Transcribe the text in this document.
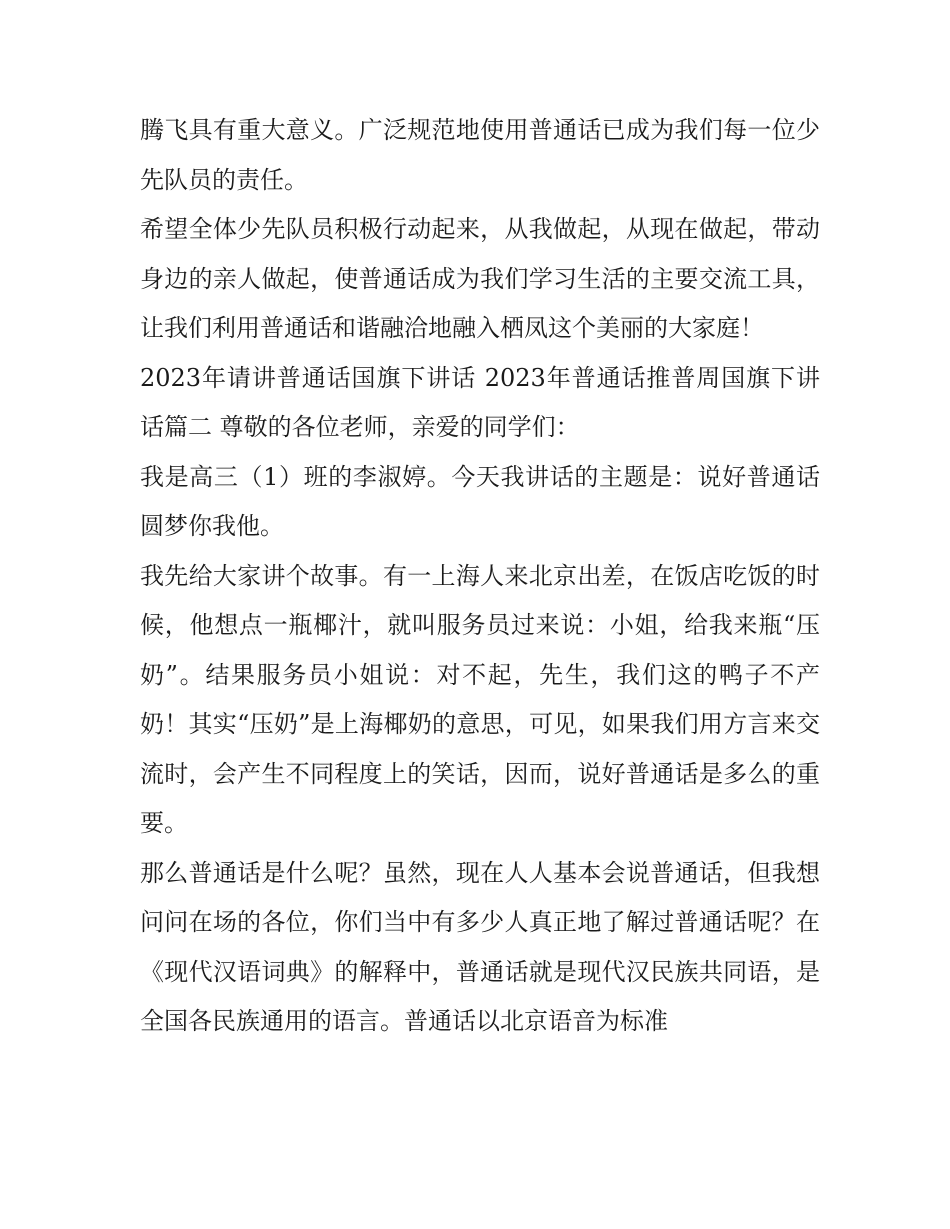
腾飞具有重大意义。广泛规范地使用普通话已成为我们每一位少先队员的责任。

希望全体少先队员积极行动起来，从我做起，从现在做起，带动身边的亲人做起，使普通话成为我们学习生活的主要交流工具，让我们利用普通话和谐融洽地融入栖凤这个美丽的大家庭！

2023年请讲普通话国旗下讲话 2023年普通话推普周国旗下讲话篇二 尊敬的各位老师，亲爱的同学们：

我是高三（1）班的李淑婷。今天我讲话的主题是：说好普通话圆梦你我他。

我先给大家讲个故事。有一上海人来北京出差，在饭店吃饭的时候，他想点一瓶椰汁，就叫服务员过来说：小姐，给我来瓶“压奶”。结果服务员小姐说：对不起，先生，我们这的鸭子不产奶！其实“压奶”是上海椰奶的意思，可见，如果我们用方言来交流时，会产生不同程度上的笑话，因而，说好普通话是多么的重要。

那么普通话是什么呢？虽然，现在人人基本会说普通话，但我想问问在场的各位，你们当中有多少人真正地了解过普通话呢？在《现代汉语词典》的解释中，普通话就是现代汉民族共同语，是全国各民族通用的语言。普通话以北京语音为标准
